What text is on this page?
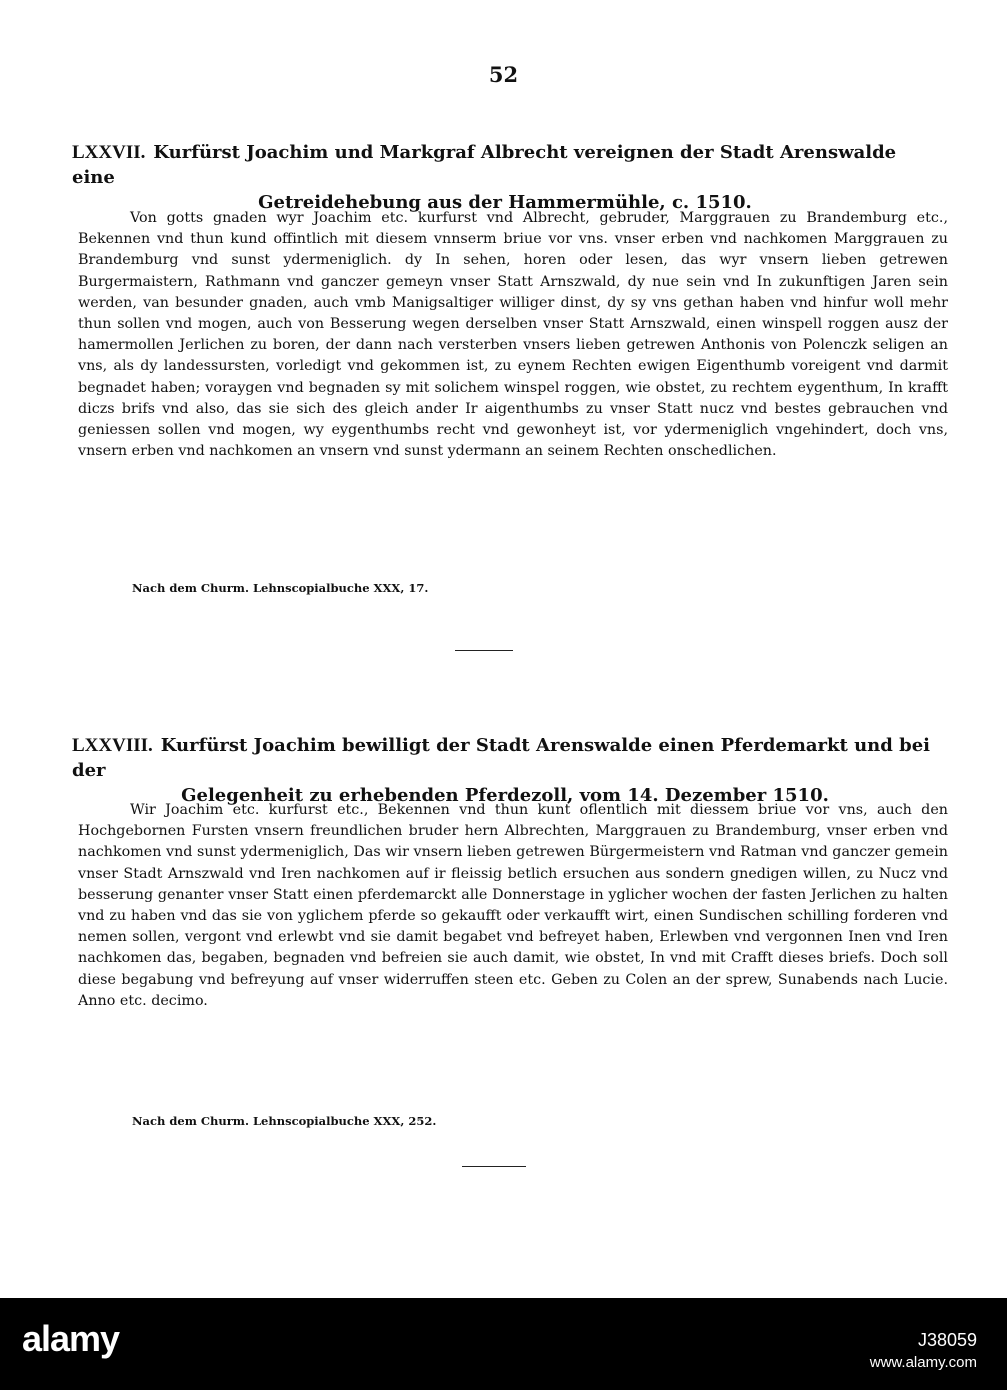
52
LXXVII. Kurfürst Joachim und Markgraf Albrecht vereignen der Stadt Arenswalde eine
Getreidehebung aus der Hammermühle, c. 1510.

Von gotts gnaden wyr Joachim etc. kurfurst vnd Albrecht, gebruder, Marggrauen zu Brandemburg etc., Bekennen vnd thun kund offintlich mit diesem vnnserm briue vor vns. vnser erben vnd nachkomen Marggrauen zu Brandemburg vnd sunst ydermeniglich. dy In sehen, horen oder lesen, das wyr vnsern lieben getrewen Burgermaistern, Rathmann vnd ganczer gemeyn vnser Statt Arnszwald, dy nue sein vnd In zukunftigen Jaren sein werden, van besunder gnaden, auch vmb Manigsaltiger williger dinst, dy sy vns gethan haben vnd hinfur woll mehr thun sollen vnd mogen, auch von Besserung wegen derselben vnser Statt Arnszwald, einen winspell roggen ausz der hamermollen Jerlichen zu boren, der dann nach versterben vnsers lieben getrewen Anthonis von Polenczk seligen an vns, als dy landessursten, vorledigt vnd gekommen ist, zu eynem Rechten ewigen Eigenthumb voreigent vnd darmit begnadet haben; voraygen vnd begnaden sy mit solichem winspel roggen, wie obstet, zu rechtem eygenthum, In krafft diczs brifs vnd also, das sie sich des gleich ander Ir aigenthumbs zu vnser Statt nucz vnd bestes gebrauchen vnd geniessen sollen vnd mogen, wy eygenthumbs recht vnd gewonheyt ist, vor ydermeniglich vngehindert, doch vns, vnsern erben vnd nachkomen an vnsern vnd sunst ydermann an seinem Rechten onschedlichen.

Nach dem Churm. Lehnscopialbuche XXX, 17.
LXXVIII. Kurfürst Joachim bewilligt der Stadt Arenswalde einen Pferdemarkt und bei der
Gelegenheit zu erhebenden Pferdezoll, vom 14. Dezember 1510.

Wir Joachim etc. kurfurst etc., Bekennen vnd thun kunt oflentlich mit diessem briue vor vns, auch den Hochgebornen Fursten vnsern freundlichen bruder hern Albrechten, Marggrauen zu Brandemburg, vnser erben vnd nachkomen vnd sunst ydermeniglich, Das wir vnsern lieben getrewen Bürgermeistern vnd Ratman vnd ganczer gemein vnser Stadt Arnszwald vnd Iren nachkomen auf ir fleissig betlich ersuchen aus sondern gnedigen willen, zu Nucz vnd besserung genanter vnser Statt einen pferdemarckt alle Donnerstage in yglicher wochen der fasten Jerlichen zu halten vnd zu haben vnd das sie von yglichem pferde so gekaufft oder verkaufft wirt, einen Sundischen schilling forderen vnd nemen sollen, vergont vnd erlewbt vnd sie damit begabet vnd befreyet haben, Erlewben vnd vergonnen Inen vnd Iren nachkomen das, begaben, begnaden vnd befreien sie auch damit, wie obstet, In vnd mit Crafft dieses briefs. Doch soll diese begabung vnd befreyung auf vnser widerruffen steen etc. Geben zu Colen an der sprew, Sunabends nach Lucie. Anno etc. decimo.

Nach dem Churm. Lehnscopialbuche XXX, 252.
alamy	J38059
www.alamy.com
